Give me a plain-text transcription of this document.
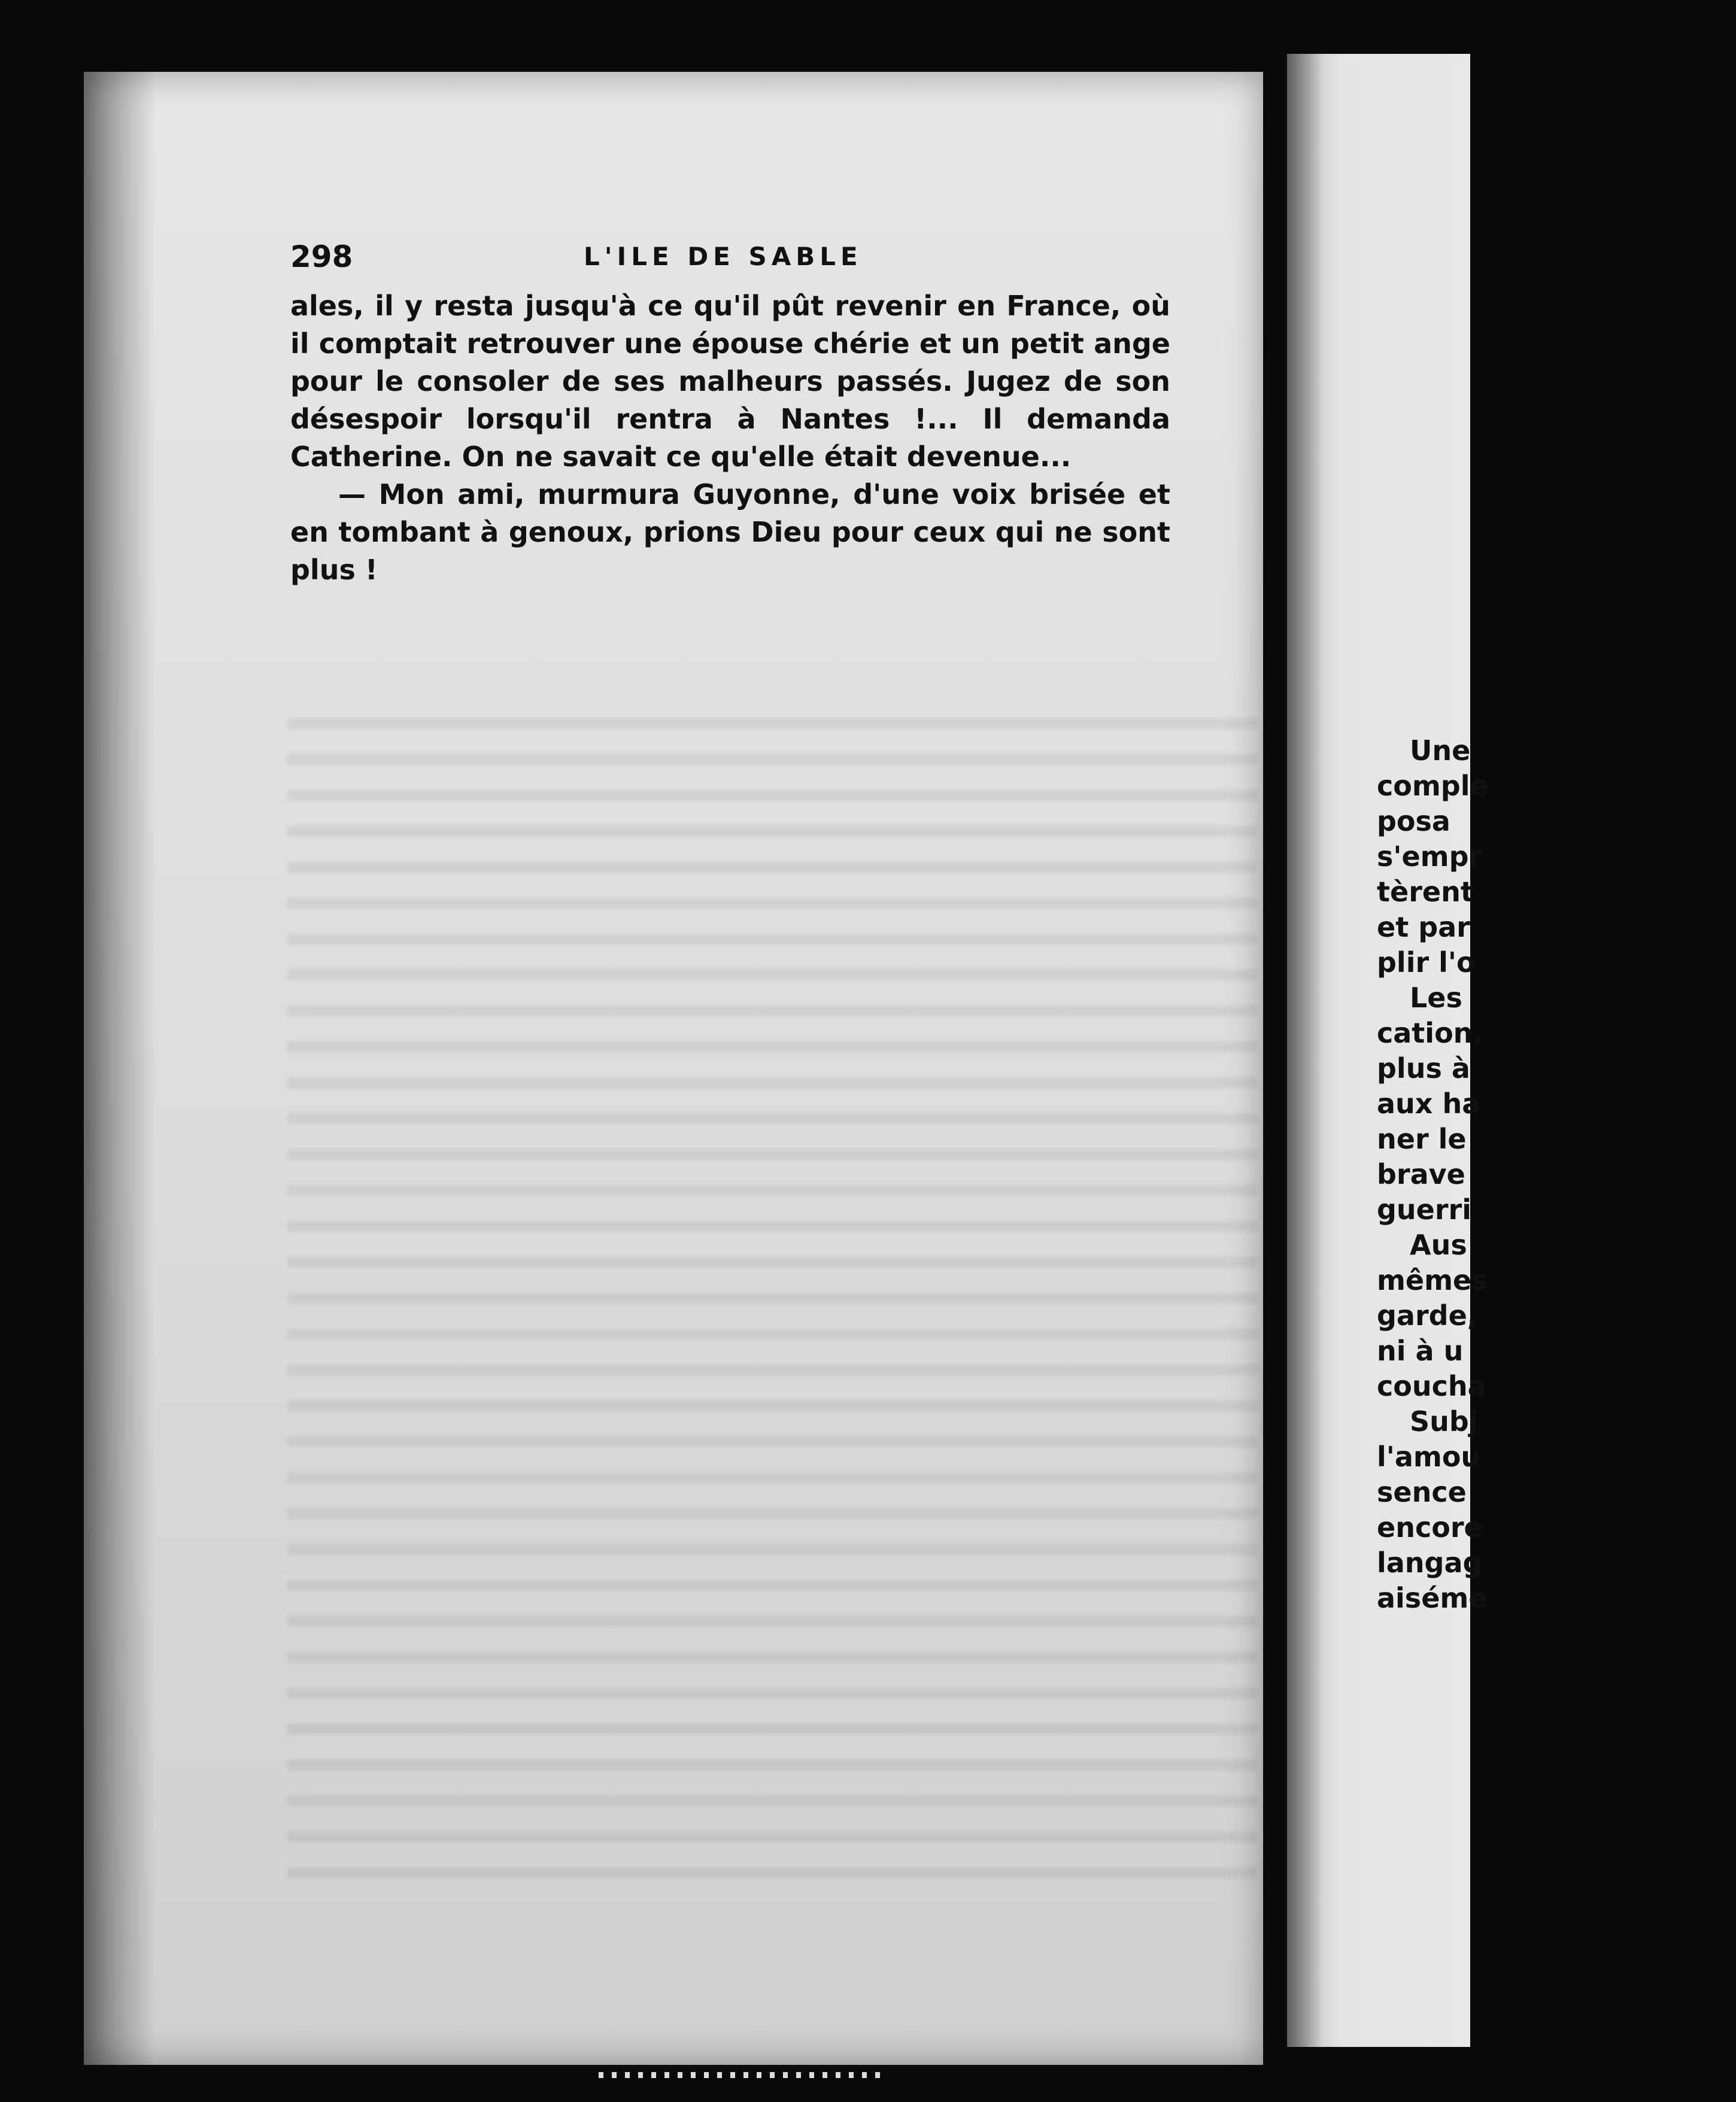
298	L'ILE DE SABLE

ales, il y resta jusqu'à ce qu'il pût revenir en France, où il comptait retrouver une épouse chérie et un petit ange pour le consoler de ses malheurs passés. Jugez de son désespoir lorsqu'il rentra à Nantes !... Il demanda Catherine. On ne savait ce qu'elle était devenue...

— Mon ami, murmura Guyonne, d'une voix brisée et en tombant à genoux, prions Dieu pour ceux qui ne sont plus !

Une
comple
posa
s'empr
tèrent
et par
plir l'o
Les
cation,
plus à
aux ha
ner le
brave
guerri
Aus
mêmes
garde,
ni à u
coucha
Subj
l'amou
sence
encore
langag
aiséme
